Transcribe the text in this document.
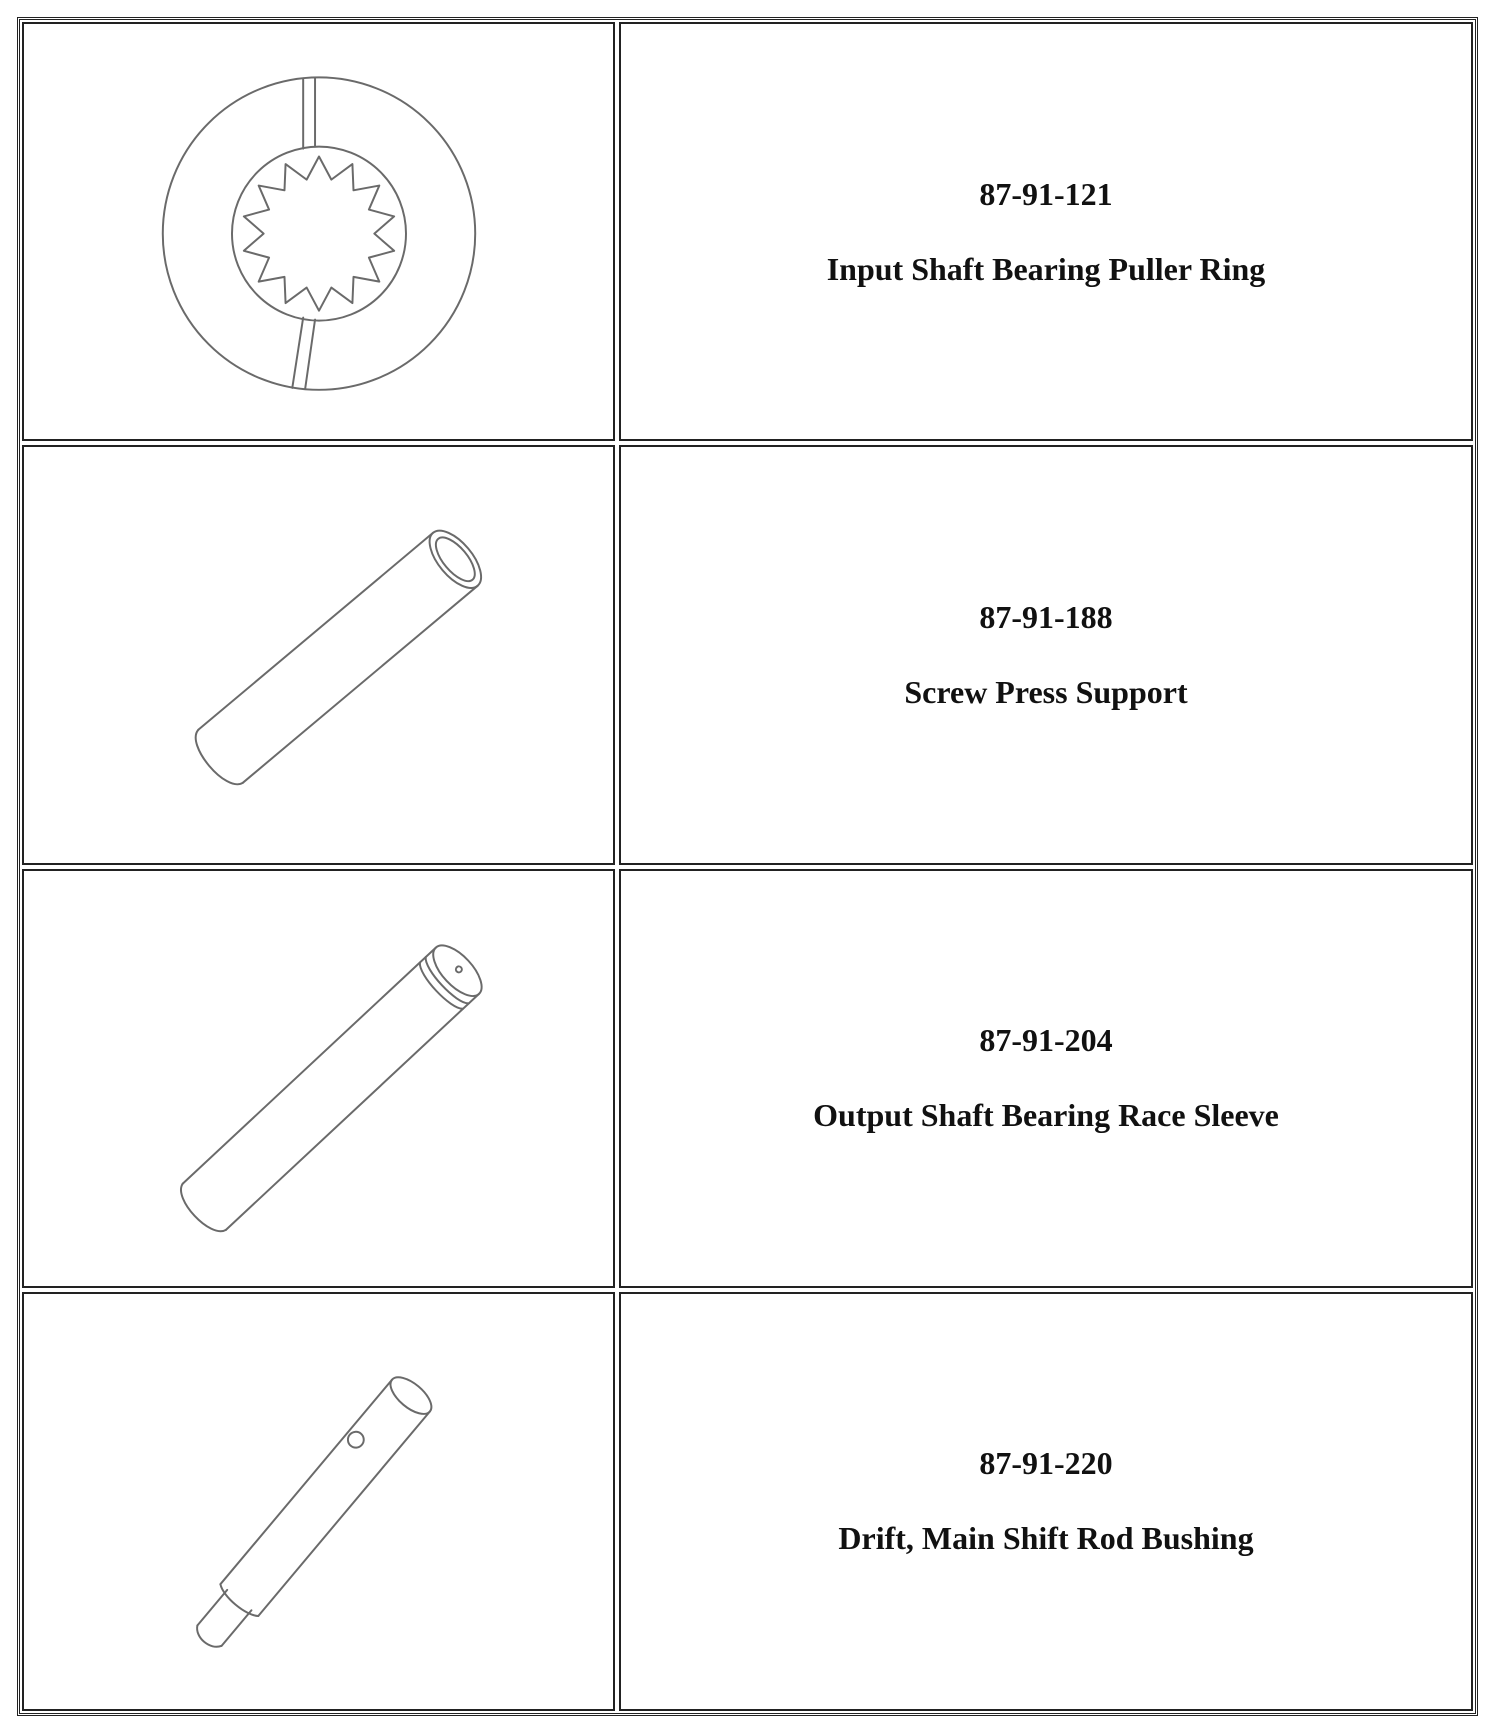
87-91-121
Input Shaft Bearing Puller Ring
87-91-188
Screw Press Support
87-91-204
Output Shaft Bearing Race Sleeve
87-91-220
Drift, Main Shift Rod Bushing
